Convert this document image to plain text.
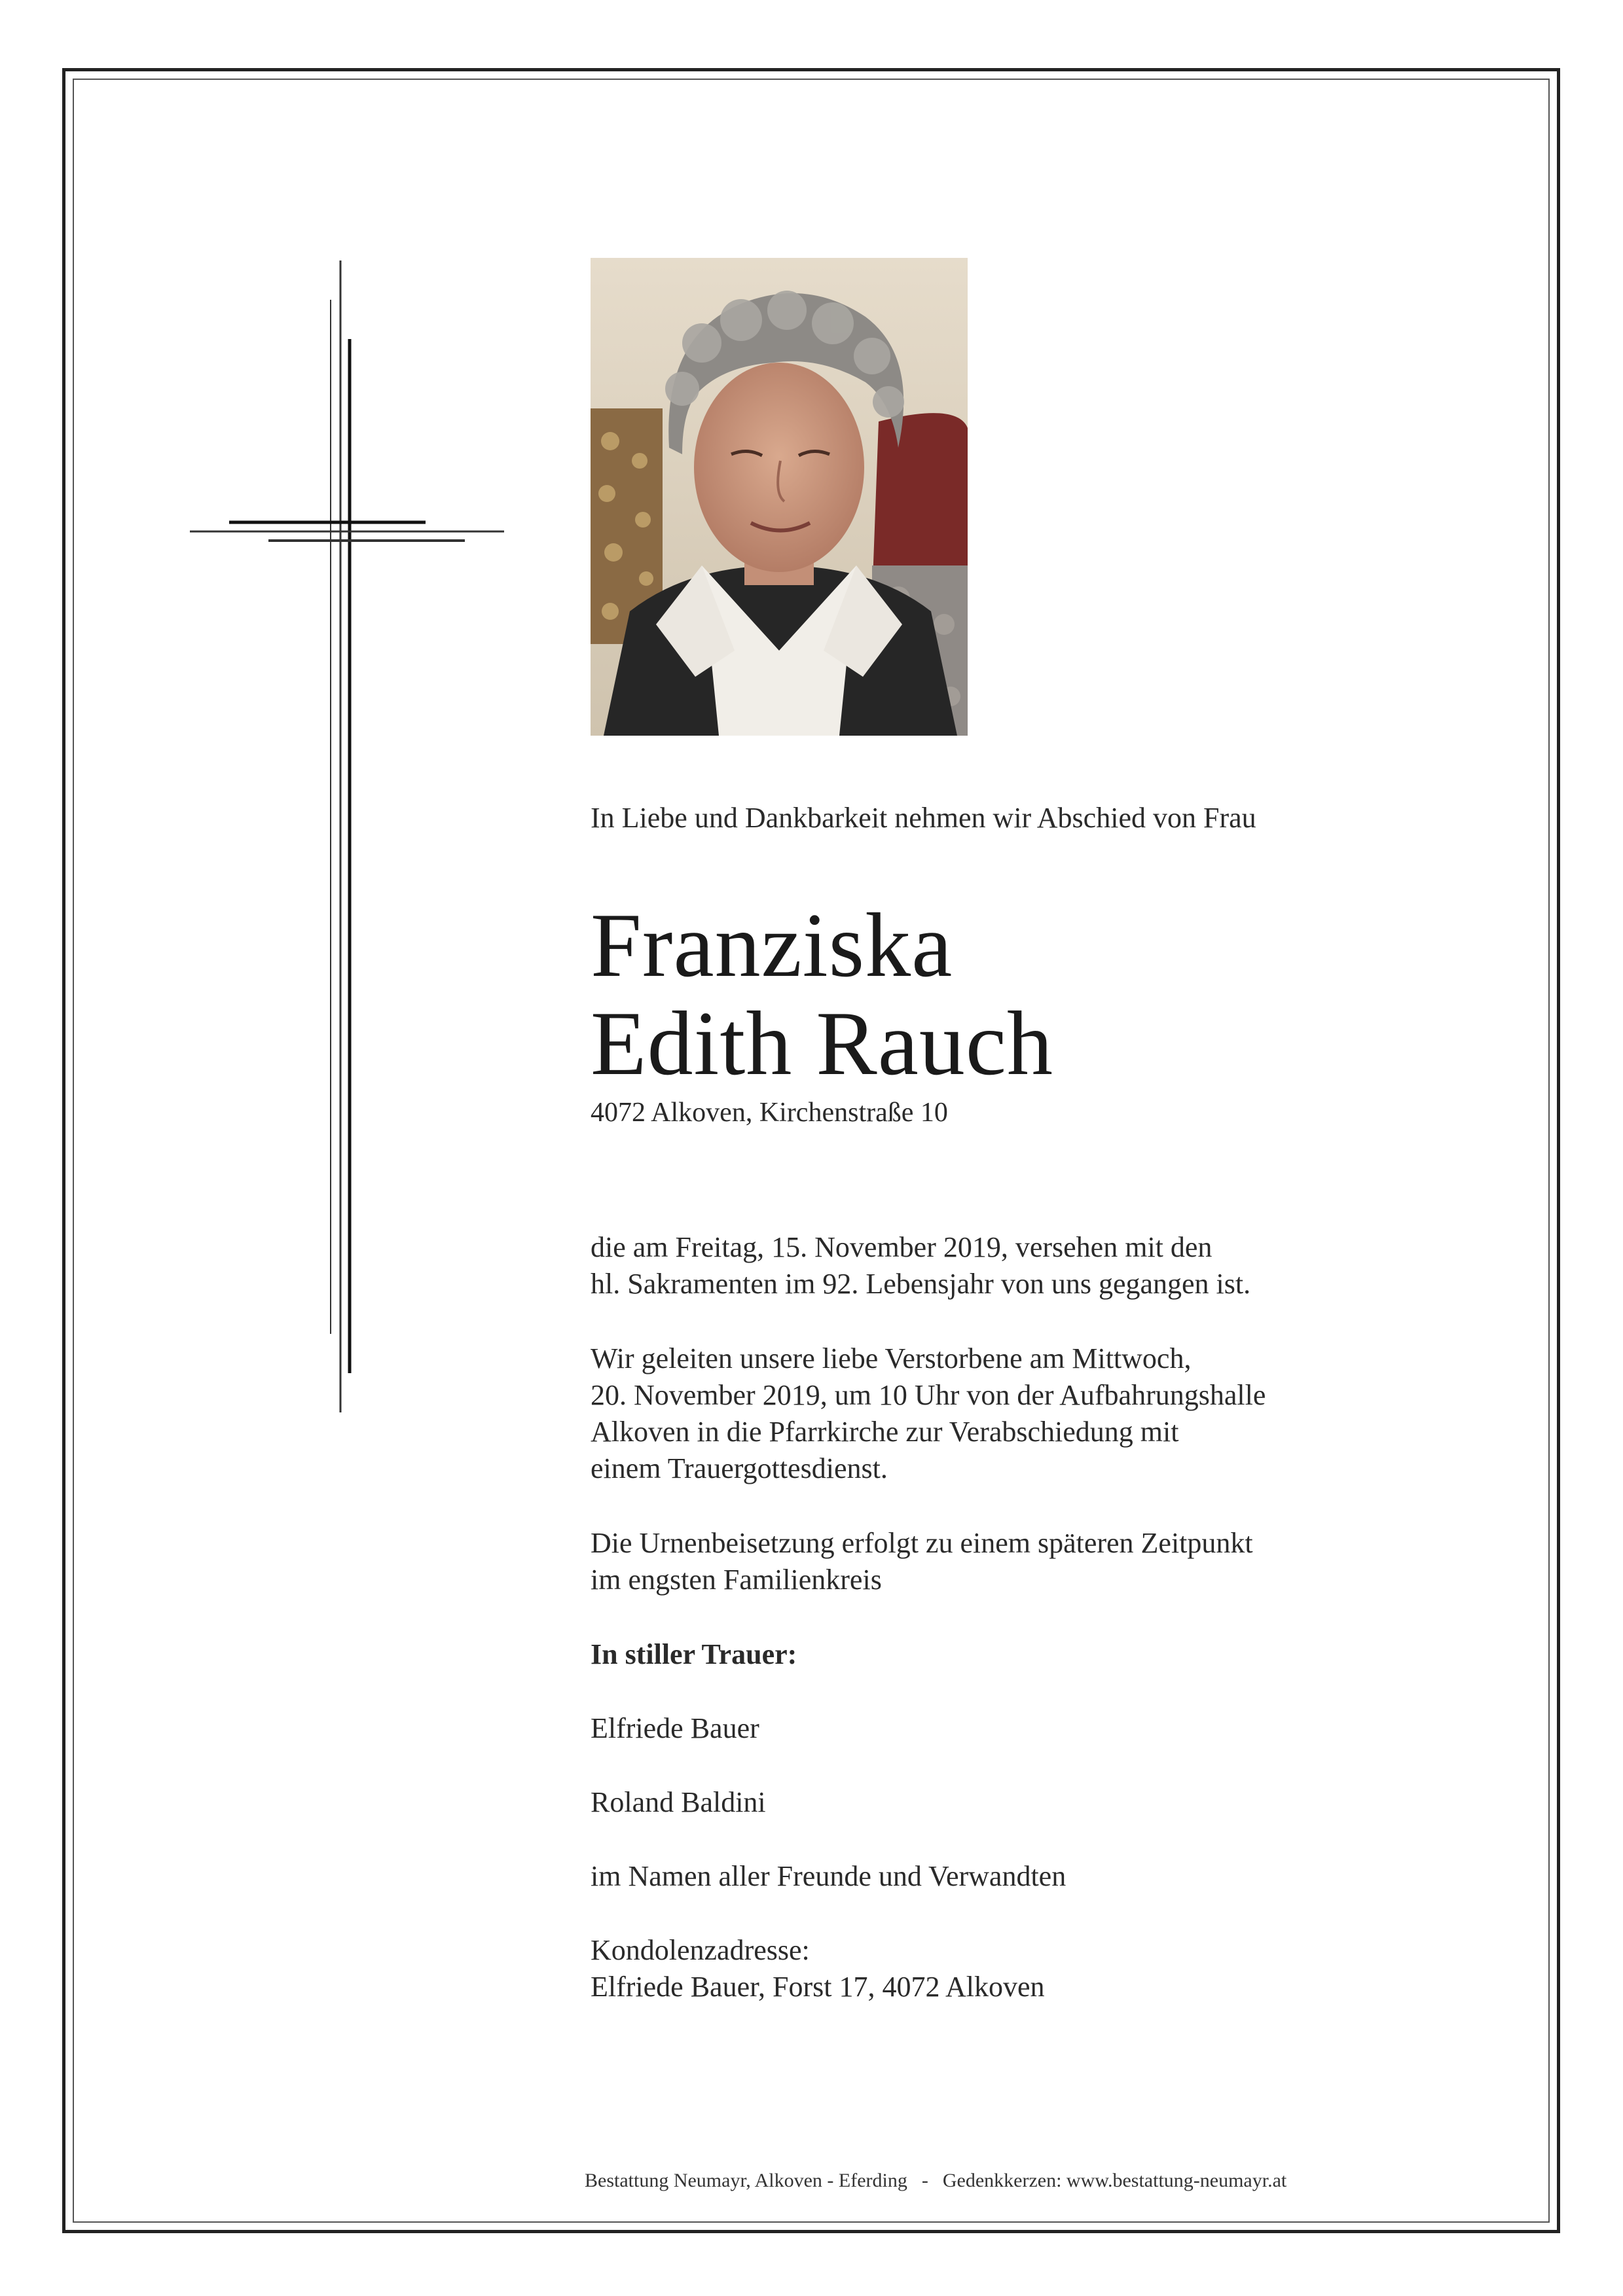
In Liebe und Dankbarkeit nehmen wir Abschied von Frau
Franziska
Edith Rauch
4072 Alkoven, Kirchenstraße 10
die am Freitag, 15. November 2019, versehen mit den
hl. Sakramenten im 92. Lebensjahr von uns gegangen ist.
Wir geleiten unsere liebe Verstorbene am Mittwoch,
20. November 2019, um 10 Uhr von der Aufbahrungshalle
Alkoven in die Pfarrkirche zur Verabschiedung mit
einem Trauergottesdienst.
Die Urnenbeisetzung erfolgt zu einem späteren Zeitpunkt
im engsten Familienkreis
In stiller Trauer:
Elfriede Bauer
Roland Baldini
im Namen aller Freunde und Verwandten
Kondolenzadresse:
Elfriede Bauer, Forst 17, 4072 Alkoven
Bestattung Neumayr, Alkoven - Eferding - Gedenkkerzen: www.bestattung-neumayr.at
